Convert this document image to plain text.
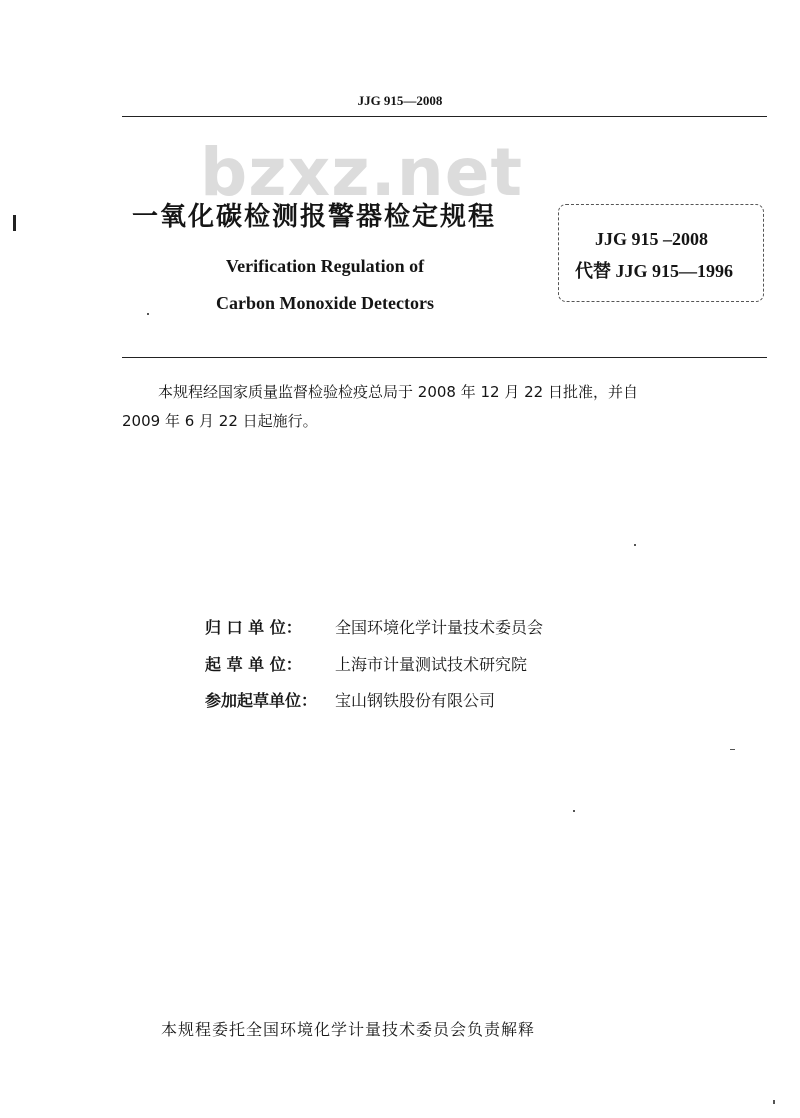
JJG 915—2008
bzxz.net
一氧化碳检测报警器检定规程
Verification Regulation of
Carbon Monoxide Detectors
JJG 915 –2008
代替 JJG 915—1996
本规程经国家质量监督检验检疫总局于 2008 年 12 月 22 日批准，并自
2009 年 6 月 22 日起施行。
归 口 单 位： 全国环境化学计量技术委员会
起 草 单 位： 上海市计量测试技术研究院
参加起草单位： 宝山钢铁股份有限公司
本规程委托全国环境化学计量技术委员会负责解释
